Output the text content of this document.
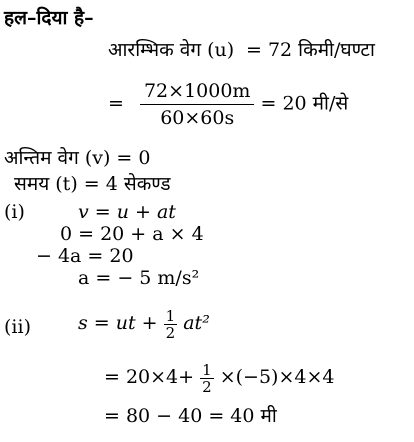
हल–दिया है–
आरम्भिक वेग (u) = 72 किमी/घण्टा
= $\frac{72\times 1000m}{60\times 60s} = 20$ मी/से
अन्तिम वेग (v) = 0
समय (t) = 4 सेकण्ड
(i)	v = u + at
0 = 20 + a × 4
− 4a = 20
a = − 5 m/s²
(ii) s = ut + $\frac{1}{2} at^2$
= $20\times 4+ \frac{1}{2} \times(-5)\times 4\times 4$
= 80 − 40 = 40 मी
